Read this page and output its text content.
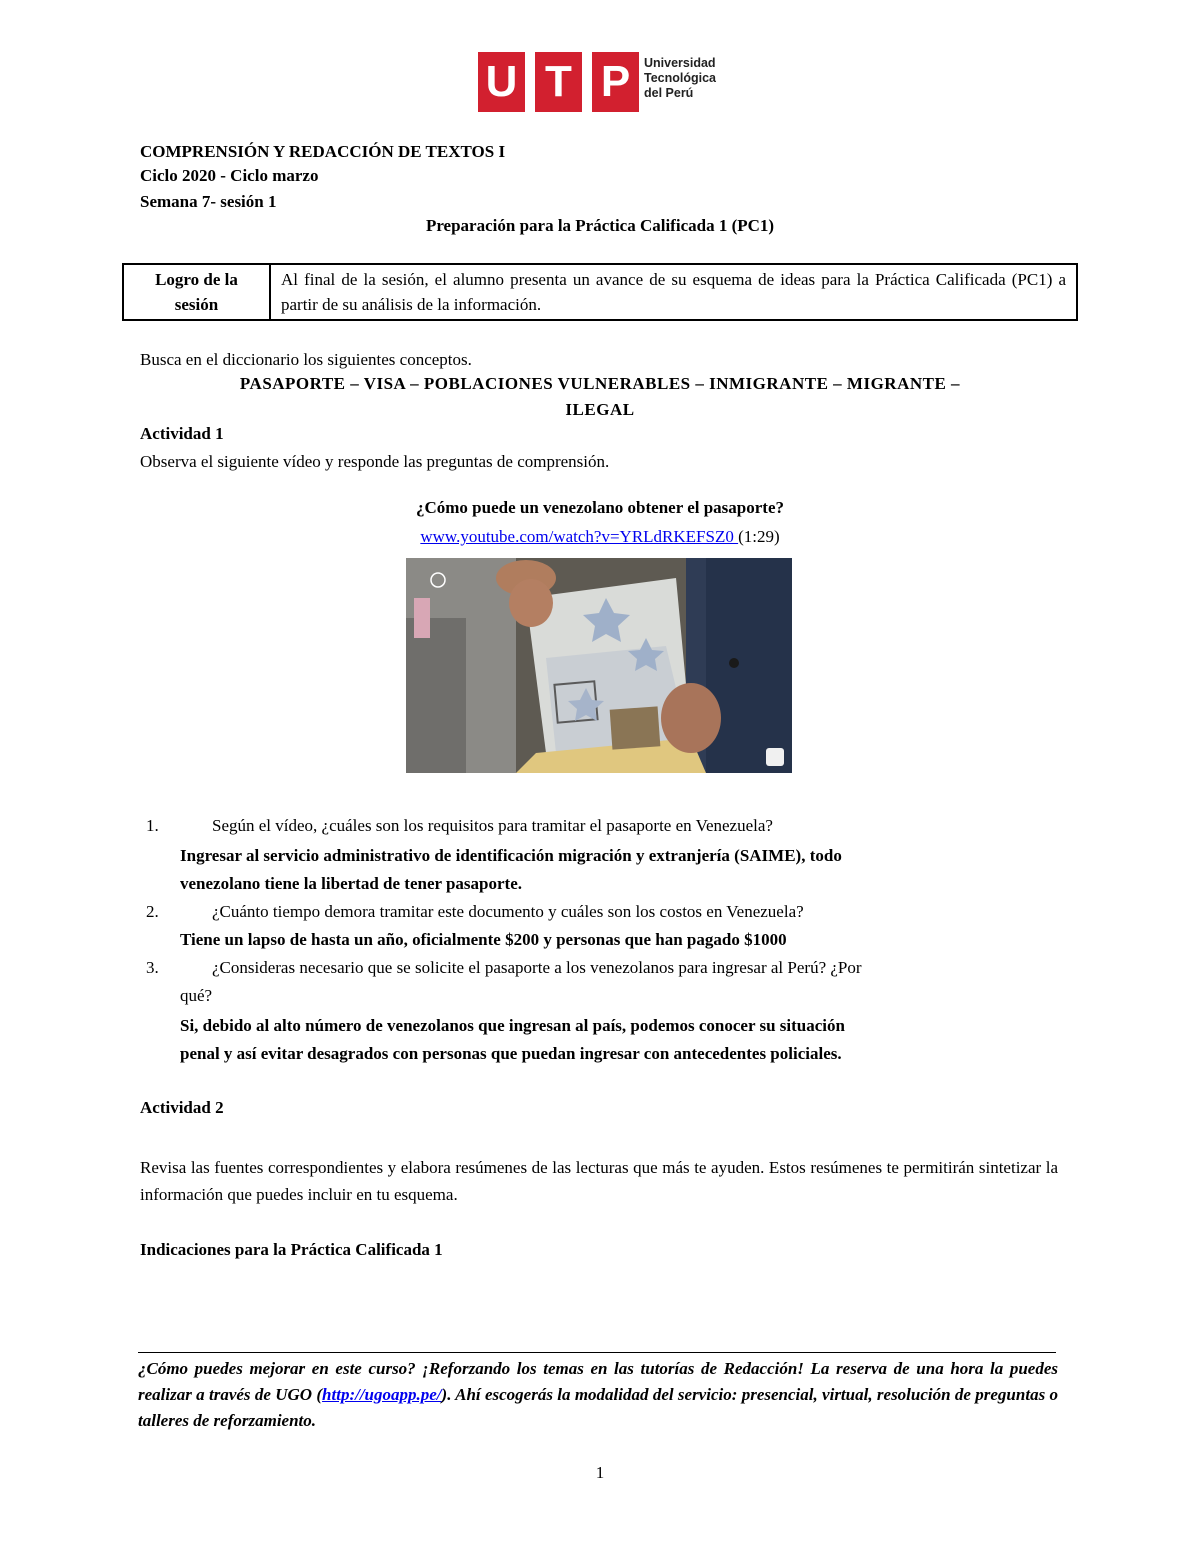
U T P	Universidad
Tecnológica
del Perú
COMPRENSIÓN Y REDACCIÓN DE TEXTOS I
Ciclo 2020 - Ciclo marzo
Semana 7- sesión 1
Preparación para la Práctica Calificada 1 (PC1)
Logro de la
sesión
	Al final de la sesión, el alumno presenta un avance de su esquema de ideas para la Práctica Calificada (PC1) a partir de su análisis de la información.
Busca en el diccionario los siguientes conceptos.
PASAPORTE – VISA – POBLACIONES VULNERABLES – INMIGRANTE – MIGRANTE –
ILEGAL
Actividad 1
Observa el siguiente vídeo y responde las preguntas de comprensión.
¿Cómo puede un venezolano obtener el pasaporte?
www.youtube.com/watch?v=YRLdRKEFSZ0 (1:29)
1.	Según el vídeo, ¿cuáles son los requisitos para tramitar el pasaporte en Venezuela?
Ingresar al servicio administrativo de identificación migración y extranjería (SAIME), todo
venezolano tiene la libertad de tener pasaporte.
2.	¿Cuánto tiempo demora tramitar este documento y cuáles son los costos en Venezuela?
Tiene un lapso de hasta un año, oficialmente $200 y personas que han pagado $1000
3.	¿Consideras necesario que se solicite el pasaporte a los venezolanos para ingresar al Perú? ¿Por
qué?
Si, debido al alto número de venezolanos que ingresan al país, podemos conocer su situación
penal y así evitar desagrados con personas que puedan ingresar con antecedentes policiales.
Actividad 2
Revisa las fuentes correspondientes y elabora resúmenes de las lecturas que más te ayuden. Estos resúmenes te permitirán sintetizar la información que puedes incluir en tu esquema.
Indicaciones para la Práctica Calificada 1
¿Cómo puedes mejorar en este curso? ¡Reforzando los temas en las tutorías de Redacción! La reserva de una hora la puedes realizar a través de UGO (http://ugoapp.pe/). Ahí escogerás la modalidad del servicio: presencial, virtual, resolución de preguntas o talleres de reforzamiento.
1
